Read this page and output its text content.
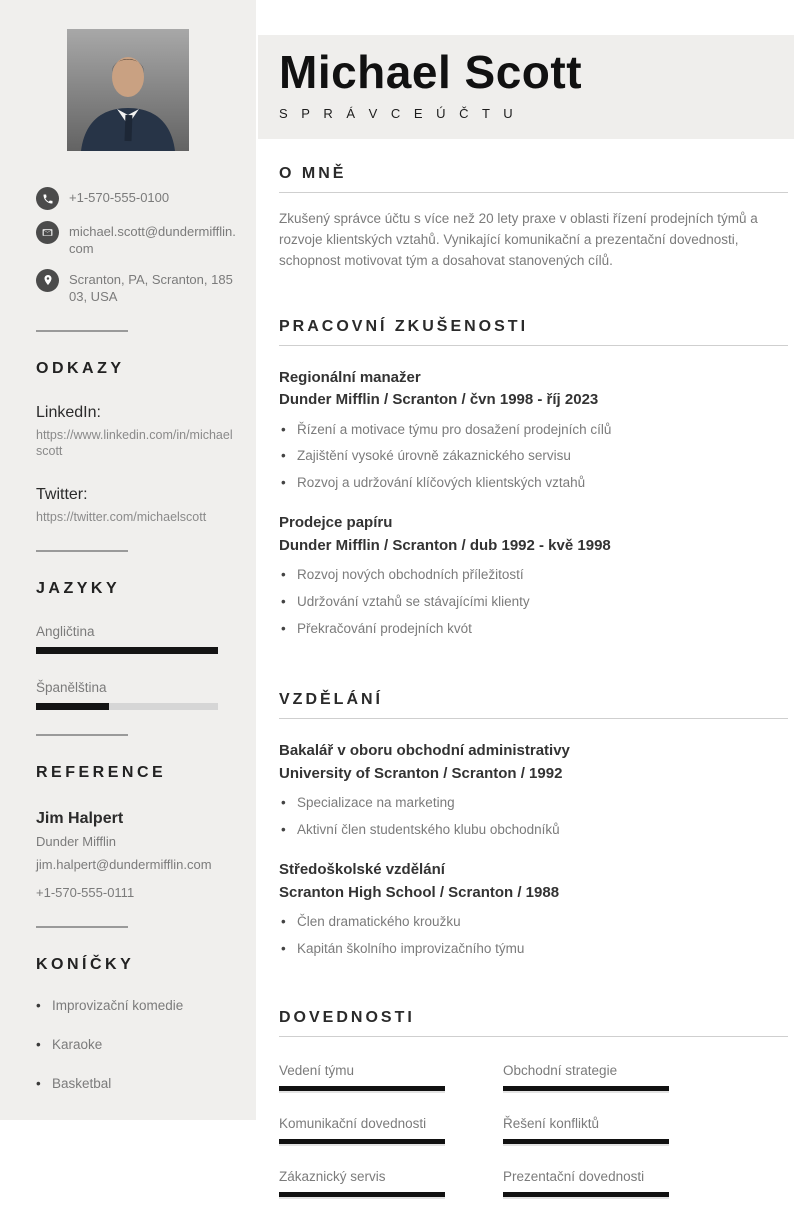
+1-570-555-0100
michael.scott@dundermifflin.com
Scranton, PA, Scranton, 18503, USA
ODKAZY
LinkedIn:
https://www.linkedin.com/in/michaelscott
Twitter:
https://twitter.com/michaelscott
JAZYKY
Angličtina
Španělština
REFERENCE
Jim Halpert
Dunder Mifflin
jim.halpert@dundermifflin.com
+1-570-555-0111
KONÍČKY
• Improvizační komedie
• Karaoke
• Basketbal
Michael Scott
S P R Á V C E Ú Č T U
O MNĚ

Zkušený správce účtu s více než 20 lety praxe v oblasti řízení prodejních týmů a rozvoje klientských vztahů. Vynikající komunikační a prezentační dovednosti, schopnost motivovat tým a dosahovat stanovených cílů.

PRACOVNÍ ZKUŠENOSTI
Regionální manažer
Dunder Mifflin / Scranton / čvn 1998 - říj 2023
• Řízení a motivace týmu pro dosažení prodejních cílů
• Zajištění vysoké úrovně zákaznického servisu
• Rozvoj a udržování klíčových klientských vztahů
Prodejce papíru
Dunder Mifflin / Scranton / dub 1992 - kvě 1998
• Rozvoj nových obchodních příležitostí
• Udržování vztahů se stávajícími klienty
• Překračování prodejních kvót
VZDĚLÁNÍ
Bakalář v oboru obchodní administrativy
University of Scranton / Scranton / 1992
• Specializace na marketing
• Aktivní člen studentského klubu obchodníků
Středoškolské vzdělání
Scranton High School / Scranton / 1988
• Člen dramatického kroužku
• Kapitán školního improvizačního týmu
DOVEDNOSTI
Vedení týmu	Obchodní strategie
Komunikační dovednosti	Řešení konfliktů
Zákaznický servis	Prezentační dovednosti
